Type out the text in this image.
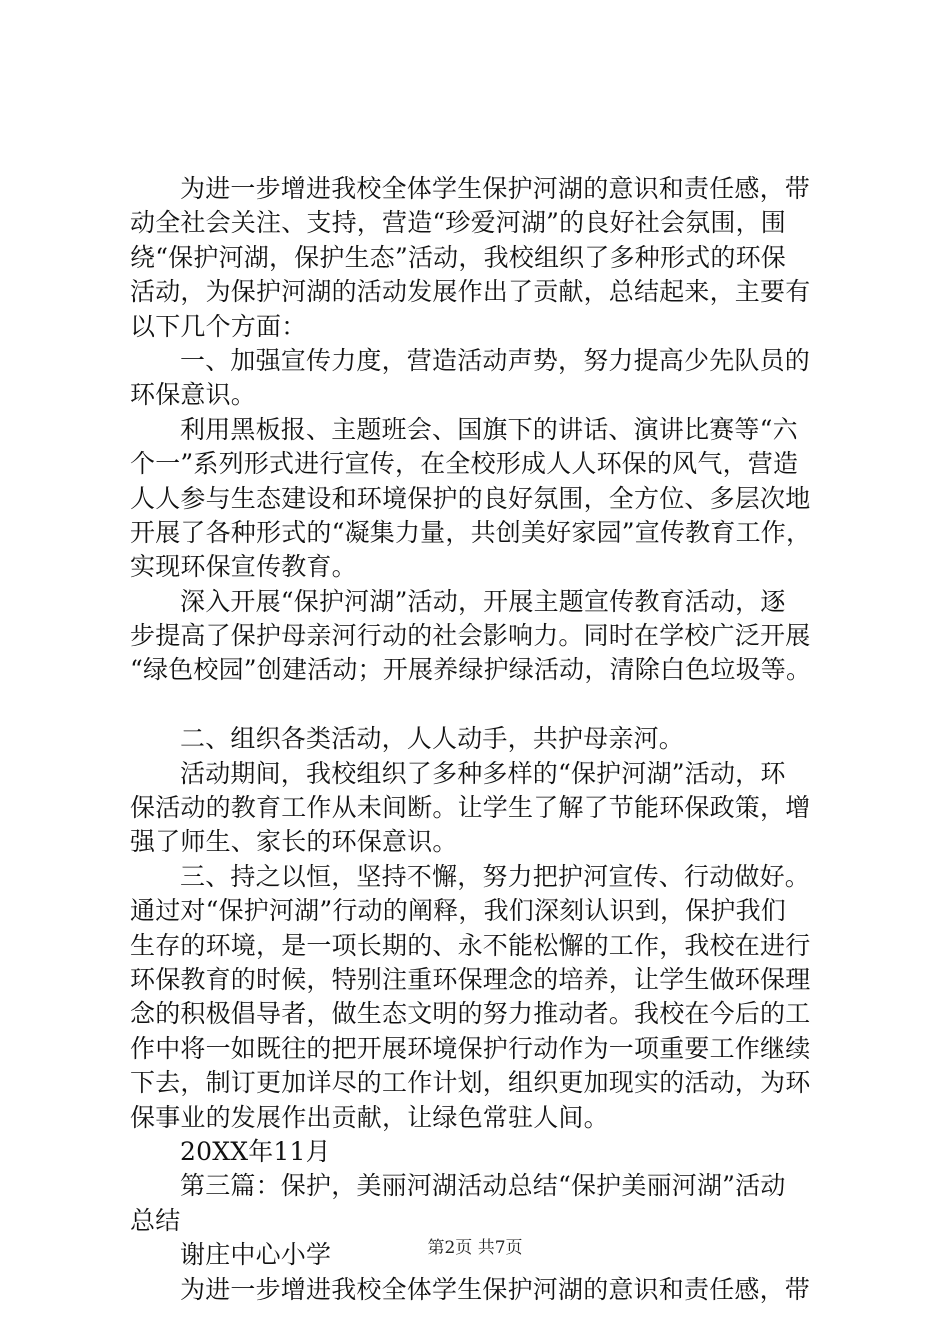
为进一步增进我校全体学生保护河湖的意识和责任感，带
动全社会关注、支持，营造“珍爱河湖”的良好社会氛围，围
绕“保护河湖，保护生态”活动，我校组织了多种形式的环保
活动，为保护河湖的活动发展作出了贡献，总结起来，主要有
以下几个方面：
一、加强宣传力度，营造活动声势，努力提高少先队员的
环保意识。
利用黑板报、主题班会、国旗下的讲话、演讲比赛等“六
个一”系列形式进行宣传，在全校形成人人环保的风气，营造
人人参与生态建设和环境保护的良好氛围，全方位、多层次地
开展了各种形式的“凝集力量，共创美好家园”宣传教育工作，
实现环保宣传教育。
深入开展“保护河湖”活动，开展主题宣传教育活动，逐
步提高了保护母亲河行动的社会影响力。同时在学校广泛开展
“绿色校园”创建活动；开展养绿护绿活动，清除白色垃圾等。
二、组织各类活动，人人动手，共护母亲河。
活动期间，我校组织了多种多样的“保护河湖”活动，环
保活动的教育工作从未间断。让学生了解了节能环保政策，增
强了师生、家长的环保意识。
三、持之以恒，坚持不懈，努力把护河宣传、行动做好。
通过对“保护河湖”行动的阐释，我们深刻认识到，保护我们
生存的环境，是一项长期的、永不能松懈的工作，我校在进行
环保教育的时候，特别注重环保理念的培养，让学生做环保理
念的积极倡导者，做生态文明的努力推动者。我校在今后的工
作中将一如既往的把开展环境保护行动作为一项重要工作继续
下去，制订更加详尽的工作计划，组织更加现实的活动，为环
保事业的发展作出贡献，让绿色常驻人间。
20XX年11月
第三篇：保护，美丽河湖活动总结“保护美丽河湖”活动
总结
谢庄中心小学
为进一步增进我校全体学生保护河湖的意识和责任感，带
第2页 共7页
